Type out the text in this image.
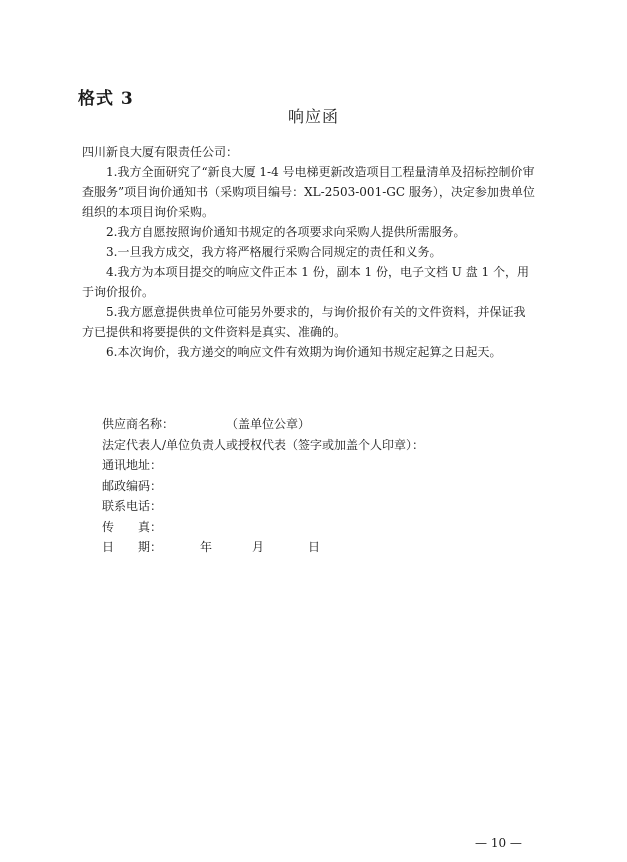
格式 3
响应函

四川新良大厦有限责任公司：

1.我方全面研究了“新良大厦 1-4 号电梯更新改造项目工程量清单及招标控制价审查服务”项目询价通知书（采购项目编号：XL-2503-001-GC 服务），决定参加贵单位组织的本项目询价采购。

2.我方自愿按照询价通知书规定的各项要求向采购人提供所需服务。

3.一旦我方成交，我方将严格履行采购合同规定的责任和义务。

4.我方为本项目提交的响应文件正本 1 份，副本 1 份，电子文档 U 盘 1 个，用于询价报价。

5.我方愿意提供贵单位可能另外要求的，与询价报价有关的文件资料，并保证我方已提供和将要提供的文件资料是真实、准确的。

6.本次询价，我方递交的响应文件有效期为询价通知书规定起算之日起天。

供应商名称：	（盖单位公章）
法定代表人/单位负责人或授权代表（签字或加盖个人印章）：
通讯地址：
邮政编码：
联系电话：
传　　真：
日　　期：	年	月	日
— 10 —
